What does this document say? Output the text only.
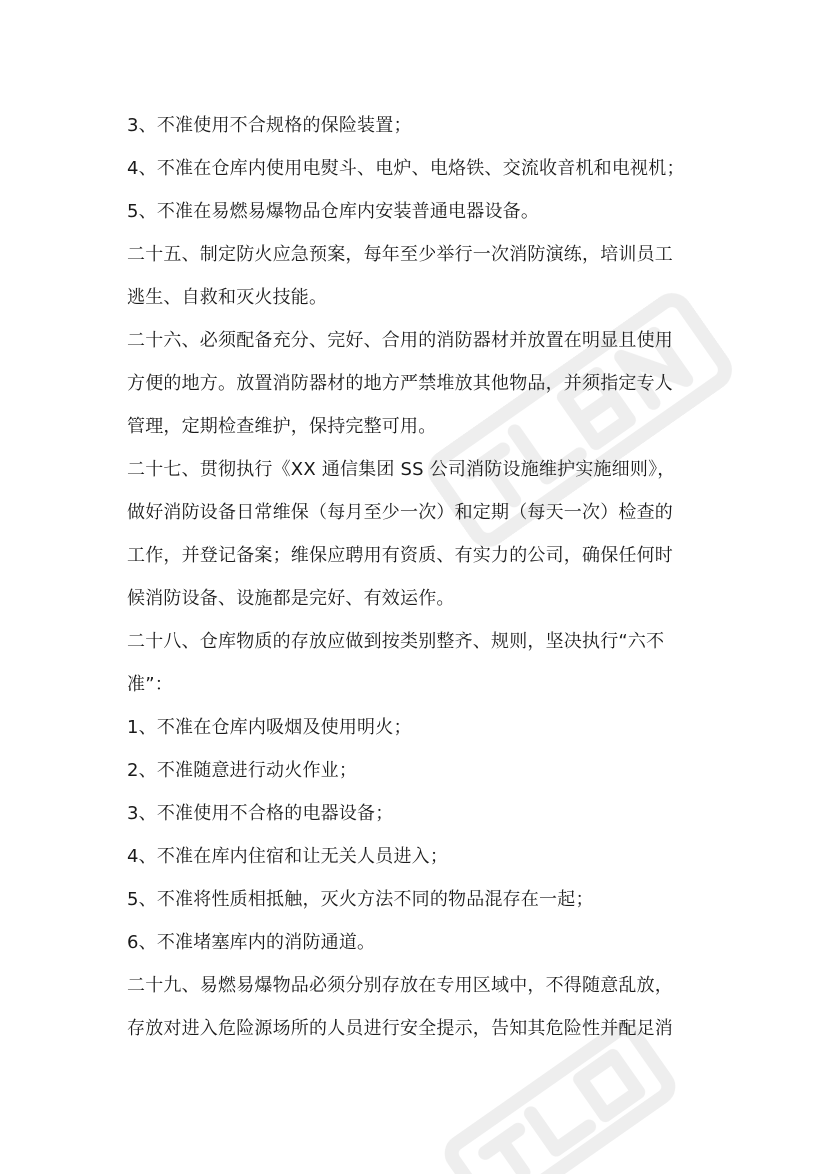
3、不准使用不合规格的保险装置；

4、不准在仓库内使用电熨斗、电炉、电烙铁、交流收音机和电视机；

5、不准在易燃易爆物品仓库内安装普通电器设备。

二十五、制定防火应急预案，每年至少举行一次消防演练，培训员工

逃生、自救和灭火技能。

二十六、必须配备充分、完好、合用的消防器材并放置在明显且使用

方便的地方。放置消防器材的地方严禁堆放其他物品，并须指定专人

管理，定期检查维护，保持完整可用。

二十七、贯彻执行《XX 通信集团 SS 公司消防设施维护实施细则》，

做好消防设备日常维保（每月至少一次）和定期（每天一次）检查的

工作，并登记备案；维保应聘用有资质、有实力的公司，确保任何时

候消防设备、设施都是完好、有效运作。

二十八、仓库物质的存放应做到按类别整齐、规则，坚决执行“六不

准”：

1、不准在仓库内吸烟及使用明火；

2、不准随意进行动火作业；

3、不准使用不合格的电器设备；

4、不准在库内住宿和让无关人员进入；

5、不准将性质相抵触，灭火方法不同的物品混存在一起；

6、不准堵塞库内的消防通道。

二十九、易燃易爆物品必须分别存放在专用区域中，不得随意乱放，

存放对进入危险源场所的人员进行安全提示，告知其危险性并配足消
